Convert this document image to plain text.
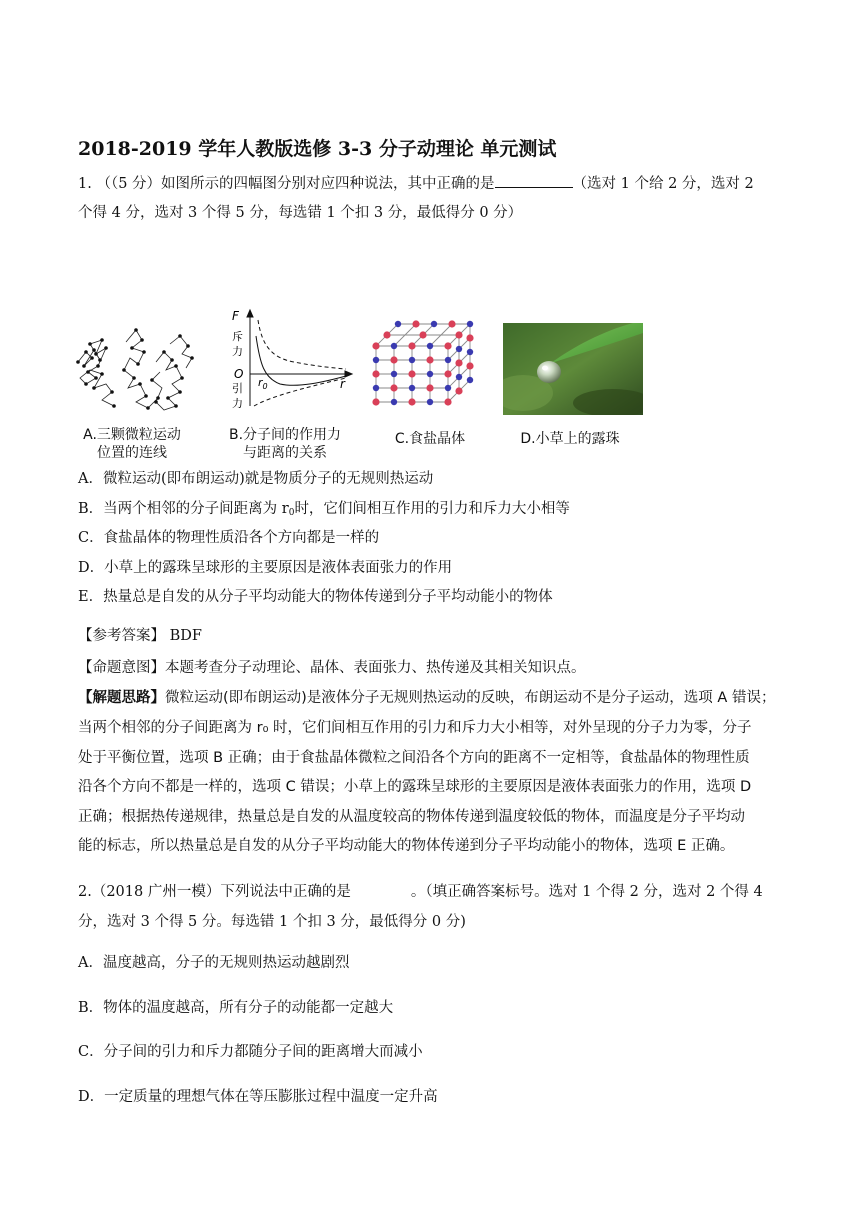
2018-2019 学年人教版选修 3-3 分子动理论 单元测试
1. （（5 分）如图所示的四幅图分别对应四种说法，其中正确的是	（选对 1 个给 2 分，选对 2
个得 4 分，选对 3 个得 5 分，每选错 1 个扣 3 分，最低得分 0 分）
A.三颗微粒运动
位置的连线
F
斥
力
O
$r_0$	r
引
力
B.分子间的作用力
与距离的关系
C.食盐晶体	D.小草上的露珠
A．微粒运动(即布朗运动)就是物质分子的无规则热运动
B．当两个相邻的分子间距离为 r0时，它们间相互作用的引力和斥力大小相等
C．食盐晶体的物理性质沿各个方向都是一样的
D．小草上的露珠呈球形的主要原因是液体表面张力的作用
E．热量总是自发的从分子平均动能大的物体传递到分子平均动能小的物体
【参考答案】 BDF
【命题意图】本题考查分子动理论、晶体、表面张力、热传递及其相关知识点。
【解题思路】微粒运动(即布朗运动)是液体分子无规则热运动的反映，布朗运动不是分子运动，选项 A 错误；
当两个相邻的分子间距离为 r₀ 时，它们间相互作用的引力和斥力大小相等，对外呈现的分子力为零，分子
处于平衡位置，选项 B 正确；由于食盐晶体微粒之间沿各个方向的距离不一定相等，食盐晶体的物理性质
沿各个方向不都是一样的，选项 C 错误；小草上的露珠呈球形的主要原因是液体表面张力的作用，选项 D
正确；根据热传递规律，热量总是自发的从温度较高的物体传递到温度较低的物体，而温度是分子平均动
能的标志，所以热量总是自发的从分子平均动能大的物体传递到分子平均动能小的物体，选项 E 正确。
2.（2018 广州一模）下列说法中正确的是	。（填正确答案标号。选对 1 个得 2 分，选对 2 个得 4
分，选对 3 个得 5 分。每选错 1 个扣 3 分，最低得分 0 分)
A．温度越高，分子的无规则热运动越剧烈
B．物体的温度越高，所有分子的动能都一定越大
C．分子间的引力和斥力都随分子间的距离增大而减小
D．一定质量的理想气体在等压膨胀过程中温度一定升高
